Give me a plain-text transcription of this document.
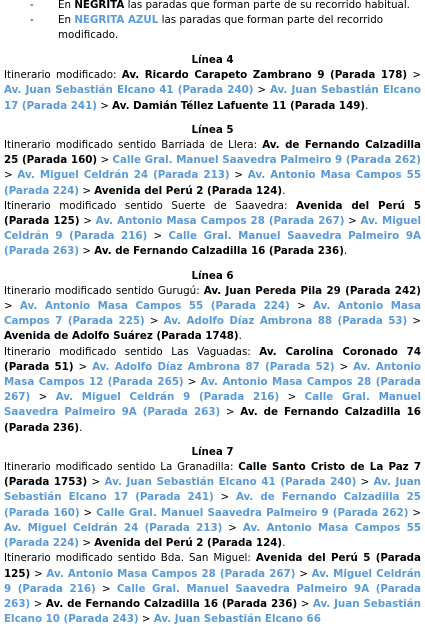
- En NEGRITA las paradas que forman parte de su recorrido habitual.
- En NEGRITA AZUL las paradas que forman parte del recorrido modificado.
Línea 4

Itinerario modificado: Av. Ricardo Carapeto Zambrano 9 (Parada 178) > Av. Juan Sebastián Elcano 41 (Parada 240) > Av. Juan Sebastián Elcano 17 (Parada 241) > Av. Damián Téllez Lafuente 11 (Parada 149).

Línea 5

Itinerario modificado sentido Barriada de Llera: Av. de Fernando Calzadilla 25 (Parada 160) > Calle Gral. Manuel Saavedra Palmeiro 9 (Parada 262) > Av. Miguel Celdrán 24 (Parada 213) > Av. Antonio Masa Campos 55 (Parada 224) > Avenida del Perú 2 (Parada 124).

Itinerario modificado sentido Suerte de Saavedra: Avenida del Perú 5 (Parada 125) > Av. Antonio Masa Campos 28 (Parada 267) > Av. Miguel Celdrán 9 (Parada 216) > Calle Gral. Manuel Saavedra Palmeiro 9A (Parada 263) > Av. de Fernando Calzadilla 16 (Parada 236).

Línea 6

Itinerario modificado sentido Gurugú: Av. Juan Pereda Pila 29 (Parada 242) > Av. Antonio Masa Campos 55 (Parada 224) > Av. Antonio Masa Campos 7 (Parada 225) > Av. Adolfo Díaz Ambrona 88 (Parada 53) > Avenida de Adolfo Suárez (Parada 1748).

Itinerario modificado sentido Las Vaguadas: Av. Carolina Coronado 74 (Parada 51) > Av. Adolfo Díaz Ambrona 87 (Parada 52) > Av. Antonio Masa Campos 12 (Parada 265) > Av. Antonio Masa Campos 28 (Parada 267) > Av. Miguel Celdrán 9 (Parada 216) > Calle Gral. Manuel Saavedra Palmeiro 9A (Parada 263) > Av. de Fernando Calzadilla 16 (Parada 236).

Línea 7

Itinerario modificado sentido La Granadilla: Calle Santo Cristo de La Paz 7 (Parada 1753) > Av. Juan Sebastián Elcano 41 (Parada 240) > Av. Juan Sebastián Elcano 17 (Parada 241) > Av. de Fernando Calzadilla 25 (Parada 160) > Calle Gral. Manuel Saavedra Palmeiro 9 (Parada 262) > Av. Miguel Celdrán 24 (Parada 213) > Av. Antonio Masa Campos 55 (Parada 224) > Avenida del Perú 2 (Parada 124).

Itinerario modificado sentido Bda. San Miguel: Avenida del Perú 5 (Parada 125) > Av. Antonio Masa Campos 28 (Parada 267) > Av. Miguel Celdrán 9 (Parada 216) > Calle Gral. Manuel Saavedra Palmeiro 9A (Parada 263) > Av. de Fernando Calzadilla 16 (Parada 236) > Av. Juan Sebastián Elcano 10 (Parada 243) > Av. Juan Sebastián Elcano 66
